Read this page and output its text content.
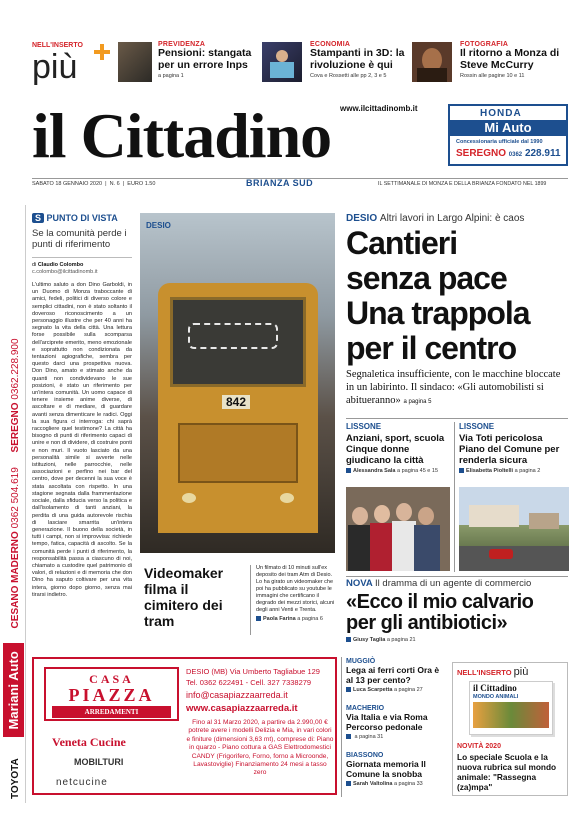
NELL'INSERTO
più
PREVIDENZA
Pensioni: stangata per un errore Inps
a pagina 1
ECONOMIA
Stampanti in 3D: la rivoluzione è qui
Cova e Rossetti alle pp 2, 3 e 5
FOTOGRAFIA
Il ritorno a Monza di Steve McCurry
Rossin alle pagine 10 e 11
il Cittadino www.ilcittadinomb.it	HONDA
Mi Auto
Concessionaria ufficiale dal 1990
SEREGNO 0362 228.911
SABATO 18 GENNAIO 2020  |  N. 6  |  EURO 1.50	BRIANZA SUD	IL SETTIMANALE DI MONZA E DELLA BRIANZA FONDATO NEL 1899
TOYOTA Mariani Auto CESANO MADERNO 0362 504.619 SEREGNO 0362.228.900
S PUNTO DI VISTA
Se la comunità perde i punti di riferimento
di Claudio Colombo
c.colombo@ilcittadinomb.it
L'ultimo saluto a don Dino Garboldi, in un Duomo di Monza traboccante di amici, fedeli, politici di diverso colore e semplici cittadini, non è stato soltanto il doveroso riconoscimento a un personaggio illustre che per 40 anni ha segnato la vita della città. Una lettura forse possibile sulla scomparsa dell'arciprete emerito, meno emozionale e soprattutto non condizionata da tentazioni agiografiche, sembra per questo darci una prospettiva nuova. Don Dino, amato e stimato anche da quanti non condividevano le sue posizioni, è stato un riferimento per un'intera comunità. Un uomo capace di tenere insieme anime diverse, di ascoltare e di mediare, di guardare avanti senza dimenticare le radici. Oggi la sua figura ci interroga: chi saprà raccogliere quel testimone? La città ha bisogno di punti di riferimento capaci di unire e non di dividere, di costruire ponti e non muri. Il vuoto lasciato da una personalità simile si avverte nelle istituzioni, nelle parrocchie, nelle associazioni e perfino nei bar del centro, dove per decenni la sua voce è stata ascoltata con rispetto. In una stagione segnata dalla frammentazione sociale, dalla sfiducia verso la politica e dall'isolamento di tanti anziani, la perdita di una guida autorevole rischia di lasciare smarrita un'intera generazione. Il buono della società, in tutti i campi, non si improvvisa: richiede tempo, fatica, capacità di ascolto. Se la comunità perde i punti di riferimento, la responsabilità passa a ciascuno di noi, chiamato a custodire quel patrimonio di valori, di relazioni e di memoria che don Dino ha saputo coltivare per una vita intera, giorno dopo giorno, senza mai tirarsi indietro.
DESIO
842
Videomaker filma il cimitero dei tram
Un filmato di 10 minuti sull'ex deposito dei tram Atm di Desio. Lo ha girato un videomaker che poi ha pubblicato su youtube le immagini che certificano il degrado dei mezzi storici, alcuni degli anni Venti e Trenta.
Paola Farina a pagina 6
DESIO Altri lavori in Largo Alpini: è caos
Cantieri
senza pace
Una trappola
per il centro
Segnaletica insufficiente, con le macchine bloccate in un labirinto. Il sindaco: «Gli automobilisti si abitueranno» a pagina 5
LISSONE
Anziani, sport, scuola Cinque donne giudicano la città
Alessandra Sala a pagina 45 e 15
LISSONE
Via Toti pericolosa Piano del Comune per renderla sicura
Elisabetta Pioltelli a pagina 2
NOVA Il dramma di un agente di commercio
«Ecco il mio calvario
per gli antibiotici»
Giusy Taglia a pagina 21
CASA
PIAZZA
ARREDAMENTI
DESIO (MB) Via Umberto Tagliabue 129
Tel. 0362 622491 - Cell. 327 7338279
info@casapiazzaarreda.it
www.casapiazzaarreda.it
Veneta Cucine
MOBILTURI
netcucine
Fino al 31 Marzo 2020, a partire da 2.990,00 € potrete avere i modelli Delizia e Mia, in vari colori e finiture (dimensioni 3,63 mt), comprese di: Piano in quarzo - Piano cottura a GAS Elettrodomestici CANDY (Frigorifero, Forno, forno a Microonde, Lavastoviglie) Finanziamento 24 mesi a tasso zero
MUGGIÒ
Lega ai ferri corti Ora è al 13 per cento?
Luca Scarpetta a pagina 27
MACHERIO
Via Italia e via Roma Percorso pedonale
a pagina 31
BIASSONO
Giornata memoria Il Comune la snobba
Sarah Valtolina a pagina 33
NELL'INSERTO più
il Cittadino
MONDO ANIMALI
NOVITÀ 2020
Lo speciale Scuola e la nuova rubrica sul mondo animale: "Rassegna (za)mpa"
